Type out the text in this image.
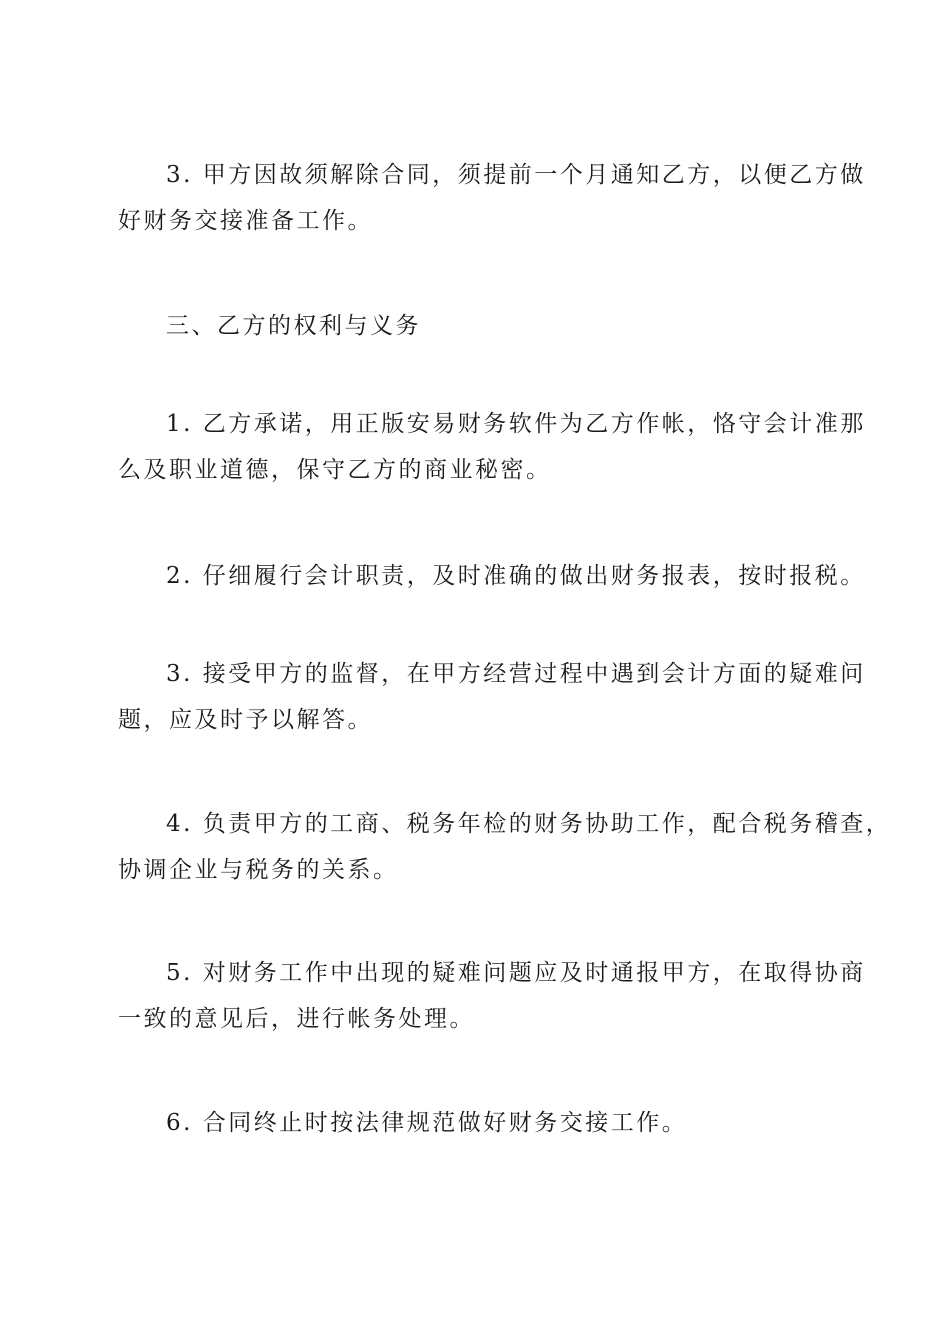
3. 甲方因故须解除合同，须提前一个月通知乙方，以便乙方做
好财务交接准备工作。

三、乙方的权利与义务

1. 乙方承诺，用正版安易财务软件为乙方作帐，恪守会计准那
么及职业道德，保守乙方的商业秘密。

2. 仔细履行会计职责，及时准确的做出财务报表，按时报税。

3. 接受甲方的监督，在甲方经营过程中遇到会计方面的疑难问
题，应及时予以解答。

4. 负责甲方的工商、税务年检的财务协助工作，配合税务稽查，
协调企业与税务的关系。

5. 对财务工作中出现的疑难问题应及时通报甲方，在取得协商
一致的意见后，进行帐务处理。

6. 合同终止时按法律规范做好财务交接工作。
